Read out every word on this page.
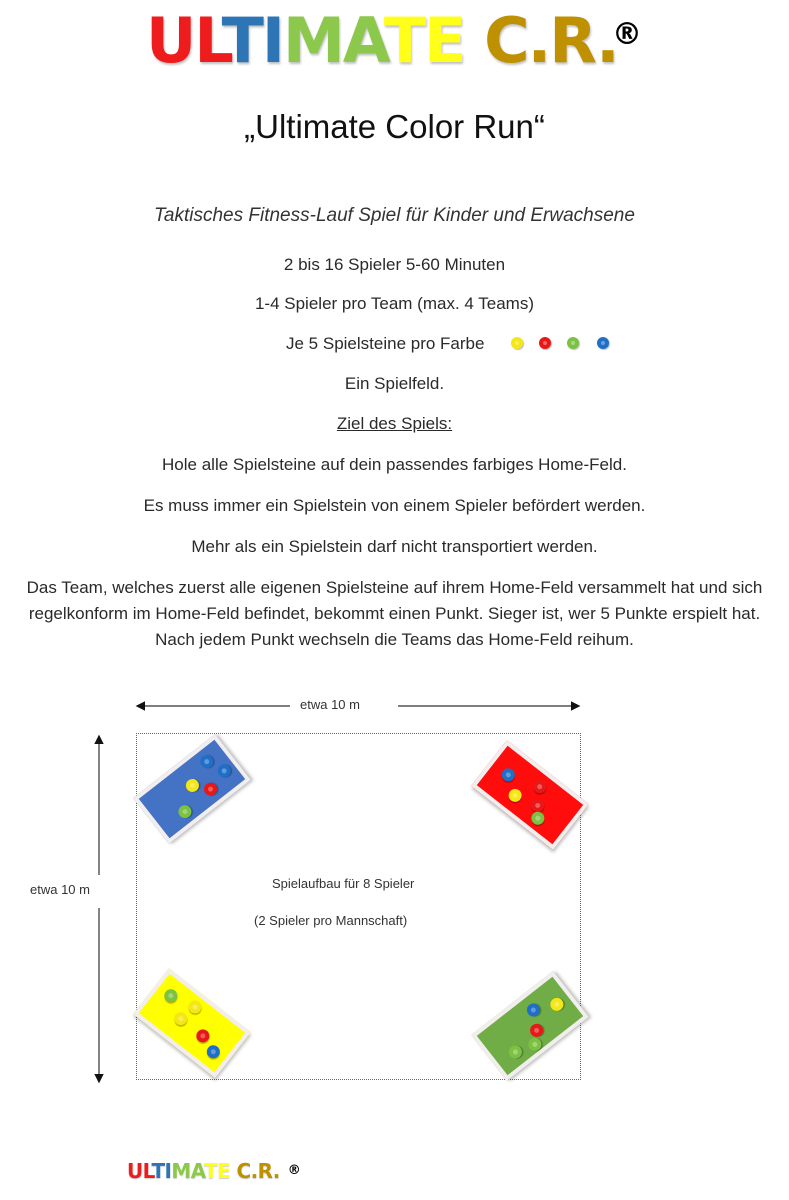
ULTIMATE C.R.
®
„Ultimate Color Run“
Taktisches Fitness-Lauf Spiel für Kinder und Erwachsene
2 bis 16 Spieler 5-60 Minuten
1-4 Spieler pro Team (max. 4 Teams)
Je 5 Spielsteine pro Farbe
Ein Spielfeld.
Ziel des Spiels:
Hole alle Spielsteine auf dein passendes farbiges Home-Feld.
Es muss immer ein Spielstein von einem Spieler befördert werden.
Mehr als ein Spielstein darf nicht transportiert werden.
Das Team, welches zuerst alle eigenen Spielsteine auf ihrem Home-Feld versammelt hat und sich regelkonform im Home-Feld befindet, bekommt einen Punkt. Sieger ist, wer 5 Punkte erspielt hat. Nach jedem Punkt wechseln die Teams das Home-Feld reihum.
etwa 10 m
etwa 10 m	Spielaufbau für 8 Spieler
(2 Spieler pro Mannschaft)
ULTIMATE C.R. ®
